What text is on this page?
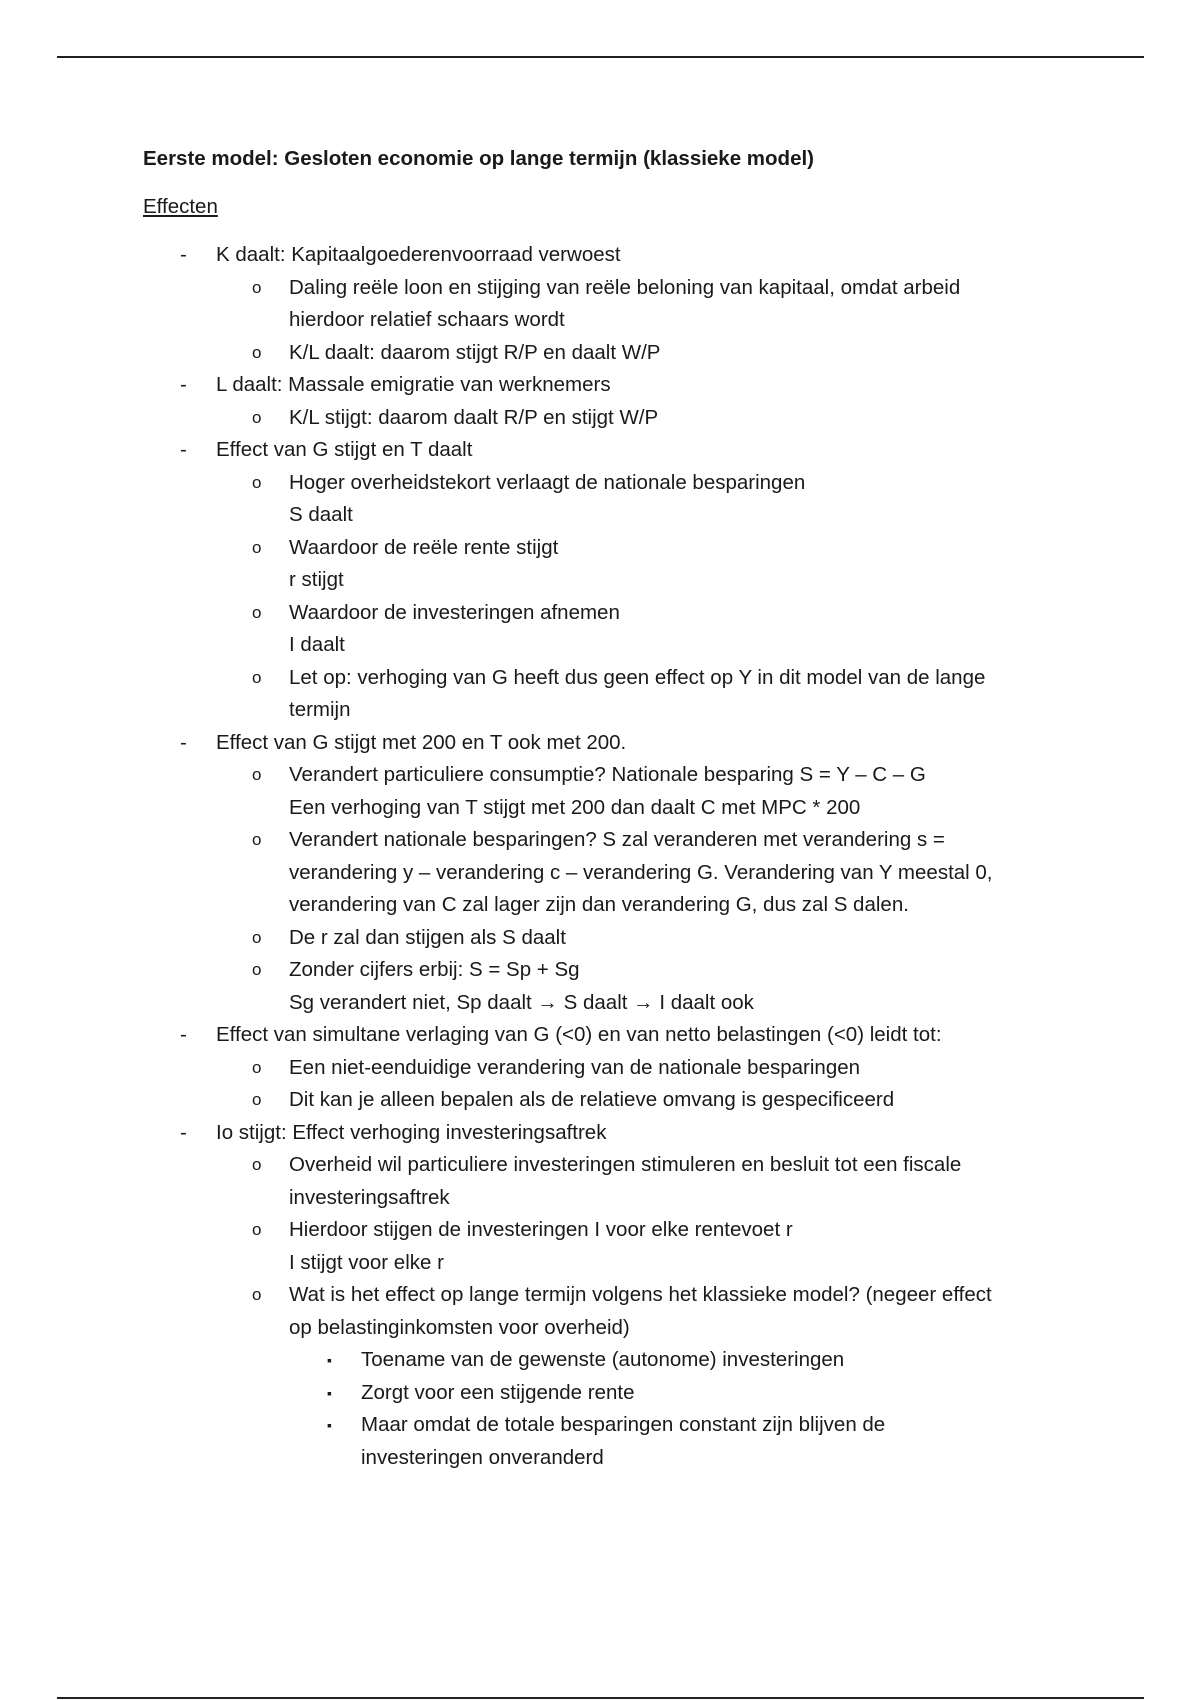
Eerste model: Gesloten economie op lange termijn (klassieke model)
Effecten
- K daalt: Kapitaalgoederenvoorraad verwoest
o Daling reële loon en stijging van reële beloning van kapitaal, omdat arbeid
hierdoor relatief schaars wordt
o K/L daalt: daarom stijgt R/P en daalt W/P
- L daalt: Massale emigratie van werknemers
o K/L stijgt: daarom daalt R/P en stijgt W/P
- Effect van G stijgt en T daalt
o Hoger overheidstekort verlaagt de nationale besparingen
S daalt
o Waardoor de reële rente stijgt
r stijgt
o Waardoor de investeringen afnemen
I daalt
o Let op: verhoging van G heeft dus geen effect op Y in dit model van de lange
termijn
- Effect van G stijgt met 200 en T ook met 200.
o Verandert particuliere consumptie? Nationale besparing S = Y – C – G
Een verhoging van T stijgt met 200 dan daalt C met MPC * 200
o Verandert nationale besparingen? S zal veranderen met verandering s =
verandering y – verandering c – verandering G. Verandering van Y meestal 0,
verandering van C zal lager zijn dan verandering G, dus zal S dalen.
o De r zal dan stijgen als S daalt
o Zonder cijfers erbij: S = Sp + Sg
Sg verandert niet, Sp daalt → S daalt → I daalt ook
- Effect van simultane verlaging van G (<0) en van netto belastingen (<0) leidt tot:
o Een niet-eenduidige verandering van de nationale besparingen
o Dit kan je alleen bepalen als de relatieve omvang is gespecificeerd
- Io stijgt: Effect verhoging investeringsaftrek
o Overheid wil particuliere investeringen stimuleren en besluit tot een fiscale
investeringsaftrek
o Hierdoor stijgen de investeringen I voor elke rentevoet r
I stijgt voor elke r
o Wat is het effect op lange termijn volgens het klassieke model? (negeer effect
op belastinginkomsten voor overheid)
▪ Toename van de gewenste (autonome) investeringen
▪ Zorgt voor een stijgende rente
▪ Maar omdat de totale besparingen constant zijn blijven de
investeringen onveranderd
